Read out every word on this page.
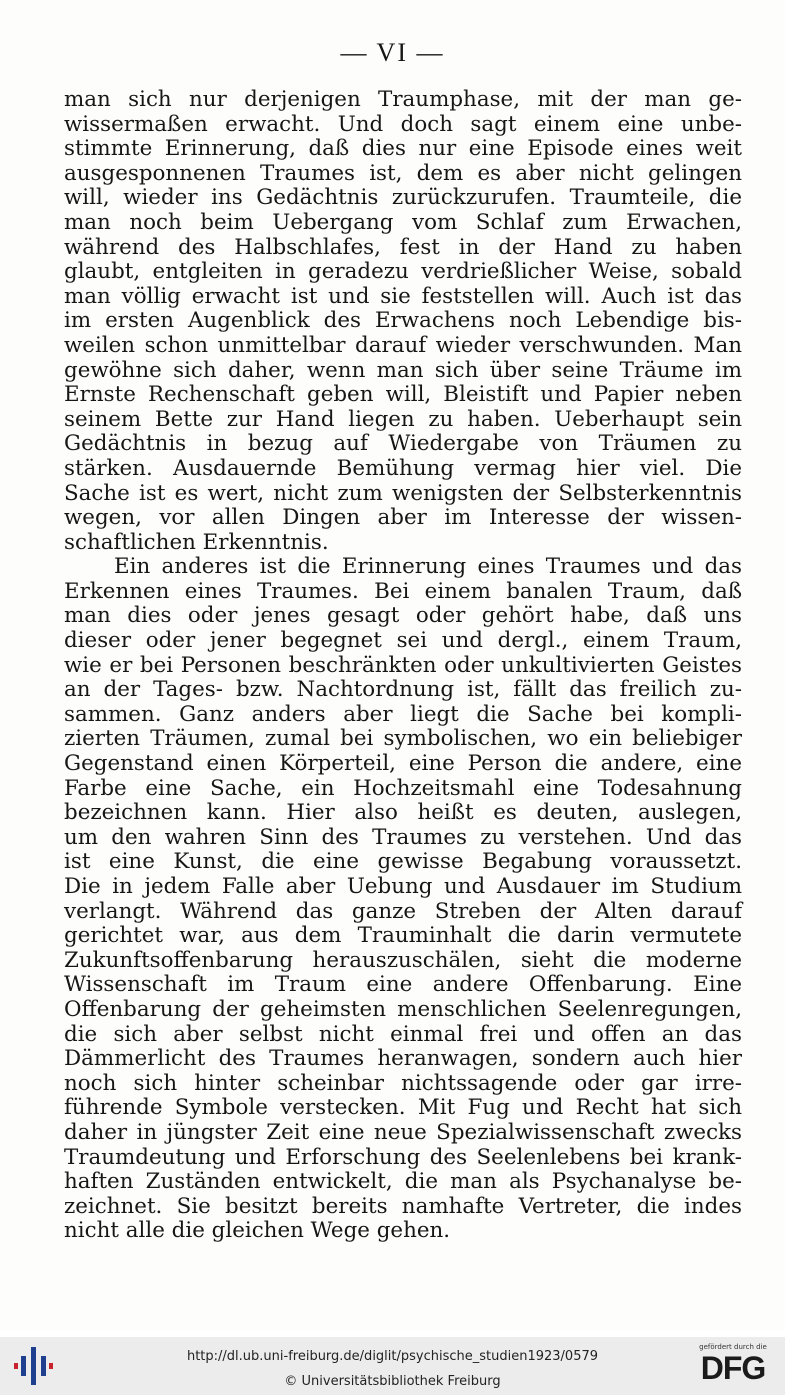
— VI —
man sich nur derjenigen Traumphase, mit der man ge-
wissermaßen erwacht. Und doch sagt einem eine unbe-
stimmte Erinnerung, daß dies nur eine Episode eines weit
ausgesponnenen Traumes ist, dem es aber nicht gelingen
will, wieder ins Gedächtnis zurückzurufen. Traumteile, die
man noch beim Uebergang vom Schlaf zum Erwachen,
während des Halbschlafes, fest in der Hand zu haben
glaubt, entgleiten in geradezu verdrießlicher Weise, sobald
man völlig erwacht ist und sie feststellen will. Auch ist das
im ersten Augenblick des Erwachens noch Lebendige bis-
weilen schon unmittelbar darauf wieder verschwunden. Man
gewöhne sich daher, wenn man sich über seine Träume im
Ernste Rechenschaft geben will, Bleistift und Papier neben
seinem Bette zur Hand liegen zu haben. Ueberhaupt sein
Gedächtnis in bezug auf Wiedergabe von Träumen zu
stärken. Ausdauernde Bemühung vermag hier viel. Die
Sache ist es wert, nicht zum wenigsten der Selbsterkenntnis
wegen, vor allen Dingen aber im Interesse der wissen-
schaftlichen Erkenntnis.
Ein anderes ist die Erinnerung eines Traumes und das
Erkennen eines Traumes. Bei einem banalen Traum, daß
man dies oder jenes gesagt oder gehört habe, daß uns
dieser oder jener begegnet sei und dergl., einem Traum,
wie er bei Personen beschränkten oder unkultivierten Geistes
an der Tages- bzw. Nachtordnung ist, fällt das freilich zu-
sammen. Ganz anders aber liegt die Sache bei kompli-
zierten Träumen, zumal bei symbolischen, wo ein beliebiger
Gegenstand einen Körperteil, eine Person die andere, eine
Farbe eine Sache, ein Hochzeitsmahl eine Todesahnung
bezeichnen kann. Hier also heißt es deuten, auslegen,
um den wahren Sinn des Traumes zu verstehen. Und das
ist eine Kunst, die eine gewisse Begabung voraussetzt.
Die in jedem Falle aber Uebung und Ausdauer im Studium
verlangt. Während das ganze Streben der Alten darauf
gerichtet war, aus dem Trauminhalt die darin vermutete
Zukunftsoffenbarung herauszuschälen, sieht die moderne
Wissenschaft im Traum eine andere Offenbarung. Eine
Offenbarung der geheimsten menschlichen Seelenregungen,
die sich aber selbst nicht einmal frei und offen an das
Dämmerlicht des Traumes heranwagen, sondern auch hier
noch sich hinter scheinbar nichtssagende oder gar irre-
führende Symbole verstecken. Mit Fug und Recht hat sich
daher in jüngster Zeit eine neue Spezialwissenschaft zwecks
Traumdeutung und Erforschung des Seelenlebens bei krank-
haften Zuständen entwickelt, die man als Psychanalyse be-
zeichnet. Sie besitzt bereits namhafte Vertreter, die indes
nicht alle die gleichen Wege gehen.
http://dl.ub.uni-freiburg.de/diglit/psychische_studien1923/0579
© Universitätsbibliothek Freiburg
gefördert durch die
DFG
